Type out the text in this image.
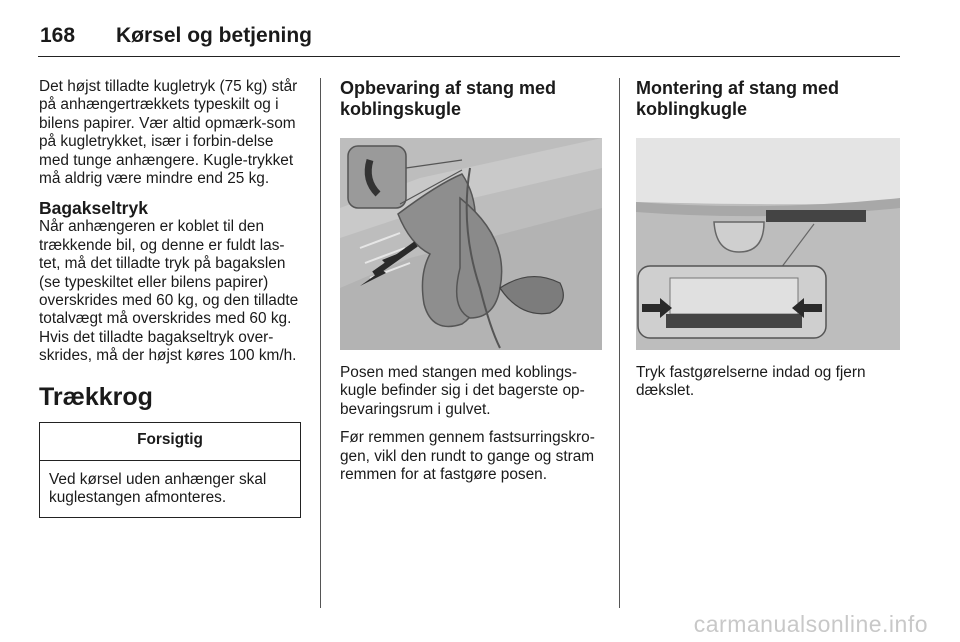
168 Kørsel og betjening

Det højst tilladte kugletryk (75 kg) står på anhængertrækkets typeskilt og i bilens papirer. Vær altid opmærk-som på kugletrykket, især i forbin-delse med tunge anhængere. Kugle-trykket må aldrig være mindre end 25 kg.

Bagakseltryk

Når anhængeren er koblet til den trækkende bil, og denne er fuldt las-tet, må det tilladte tryk på bagakslen (se typeskiltet eller bilens papirer) overskrides med 60 kg, og den tilladte totalvægt må overskrides med 60 kg. Hvis det tilladte bagakseltryk over-skrides, må der højst køres 100 km/h.

Trækkrog
Forsigtig
Ved kørsel uden anhænger skal kuglestangen afmonteres.
Opbevaring af stang med koblingskugle

Posen med stangen med koblings-kugle befinder sig i det bagerste op-bevaringsrum i gulvet.

Før remmen gennem fastsurringskro-gen, vikl den rundt to gange og stram remmen for at fastgøre posen.

Montering af stang med koblingkugle

Tryk fastgørelserne indad og fjern dækslet.

carmanualsonline.info
